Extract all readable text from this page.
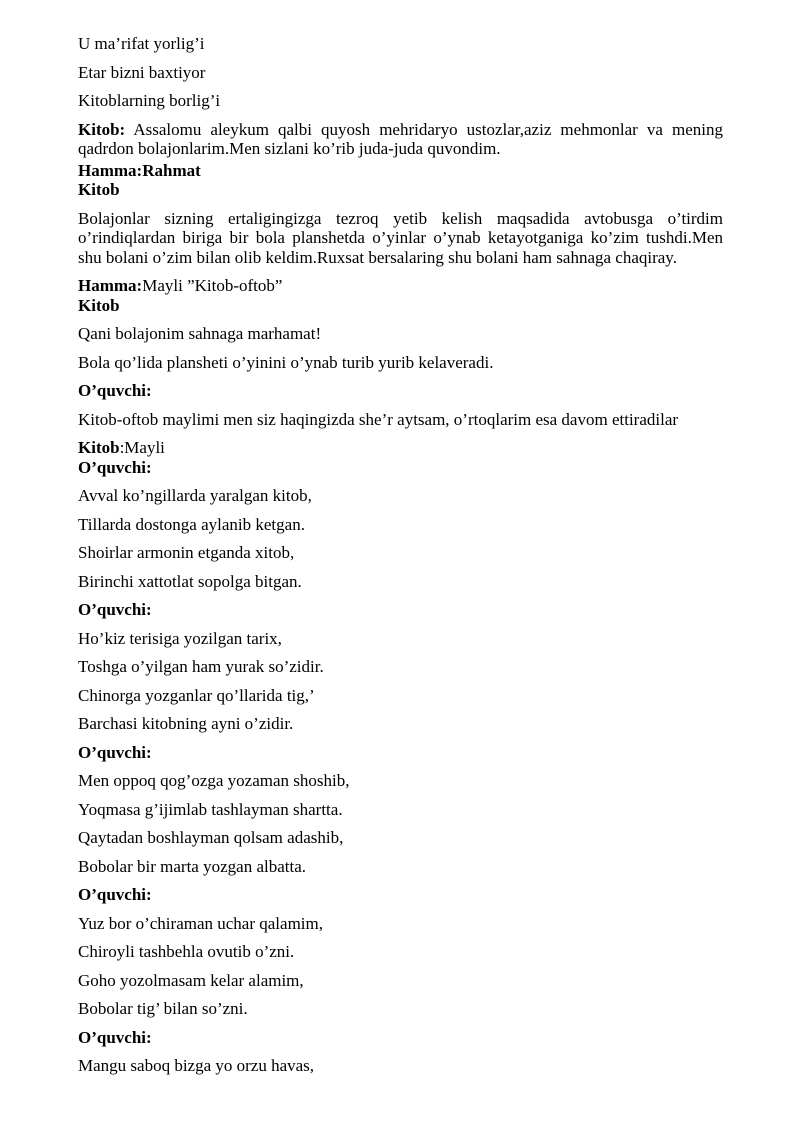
U ma’rifat yorlig’i

Etar bizni baxtiyor

Kitoblarning borlig’i

Kitob: Assalomu aleykum qalbi quyosh mehridaryo ustozlar,aziz mehmonlar va mening qadrdon bolajonlarim.Men sizlani ko’rib juda-juda quvondim.

Hamma:Rahmat

Kitob

Bolajonlar sizning ertaligingizga tezroq yetib kelish maqsadida avtobusga o’tirdim o’rindiqlardan biriga bir bola planshetda o’yinlar o’ynab ketayotganiga ko’zim tushdi.Men shu bolani o’zim bilan olib keldim.Ruxsat bersalaring shu bolani ham sahnaga chaqiray.

Hamma:Mayli ”Kitob-oftob”

Kitob

Qani bolajonim sahnaga marhamat!

Bola qo’lida plansheti o’yinini o’ynab turib yurib kelaveradi.

O’quvchi:

Kitob-oftob maylimi men siz haqingizda she’r aytsam, o’rtoqlarim esa davom ettiradilar

Kitob:Mayli

O’quvchi:

Avval ko’ngillarda yaralgan kitob,

Tillarda dostonga aylanib ketgan.

Shoirlar armonin etganda xitob,

Birinchi xattotlat sopolga bitgan.

O’quvchi:

Ho’kiz terisiga yozilgan tarix,

Toshga o’yilgan ham yurak so’zidir.

Chinorga yozganlar qo’llarida tig,’

Barchasi kitobning ayni o’zidir.

O’quvchi:

Men oppoq qog’ozga yozaman shoshib,

Yoqmasa g’ijimlab tashlayman shartta.

Qaytadan boshlayman qolsam adashib,

Bobolar bir marta yozgan albatta.

O’quvchi:

Yuz bor o’chiraman uchar qalamim,

Chiroyli tashbehla ovutib o’zni.

Goho yozolmasam kelar alamim,

Bobolar tig’ bilan so’zni.

O’quvchi:

Mangu saboq bizga yo orzu havas,
